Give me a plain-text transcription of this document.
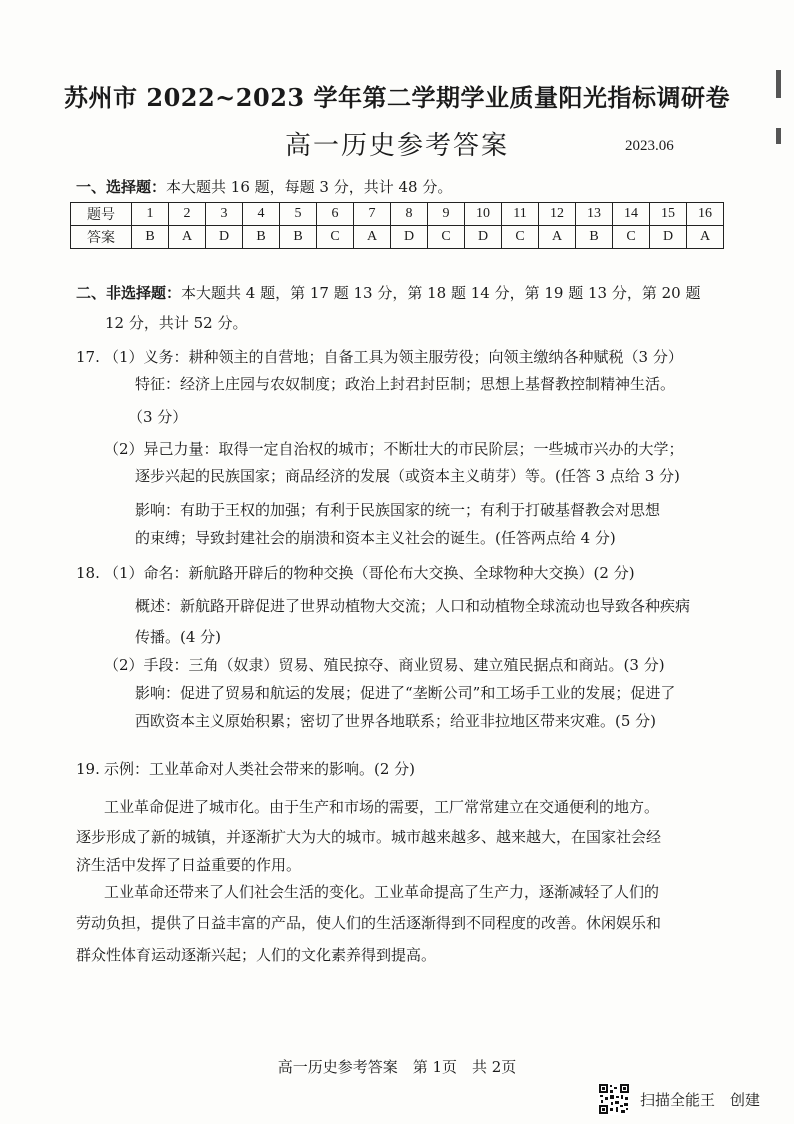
苏州市 2022~2023 学年第二学期学业质量阳光指标调研卷
高一历史参考答案	2023.06
一、选择题：本大题共 16 题，每题 3 分，共计 48 分。
题号	1	2	3	4	5	6	7	8	9	10	11	12	13	14	15	16
答案	B	A	D	B	B	C	A	D	C	D	C	A	B	C	D	A
二、非选择题：本大题共 4 题，第 17 题 13 分，第 18 题 14 分，第 19 题 13 分，第 20 题
12 分，共计 52 分。
17. （1）义务：耕种领主的自营地；自备工具为领主服劳役；向领主缴纳各种赋税（3 分）
特征：经济上庄园与农奴制度；政治上封君封臣制；思想上基督教控制精神生活。
（3 分）
（2）异己力量：取得一定自治权的城市；不断壮大的市民阶层；一些城市兴办的大学；
逐步兴起的民族国家；商品经济的发展（或资本主义萌芽）等。(任答 3 点给 3 分)
影响：有助于王权的加强；有利于民族国家的统一；有利于打破基督教会对思想
的束缚；导致封建社会的崩溃和资本主义社会的诞生。(任答两点给 4 分)
18. （1）命名：新航路开辟后的物种交换（哥伦布大交换、全球物种大交换）(2 分)
概述：新航路开辟促进了世界动植物大交流；人口和动植物全球流动也导致各种疾病
传播。(4 分)
（2）手段：三角（奴隶）贸易、殖民掠夺、商业贸易、建立殖民据点和商站。(3 分)
影响：促进了贸易和航运的发展；促进了“垄断公司”和工场手工业的发展；促进了
西欧资本主义原始积累；密切了世界各地联系；给亚非拉地区带来灾难。(5 分)
19. 示例：工业革命对人类社会带来的影响。(2 分)
工业革命促进了城市化。由于生产和市场的需要，工厂常常建立在交通便利的地方。
逐步形成了新的城镇，并逐渐扩大为大的城市。城市越来越多、越来越大，在国家社会经
济生活中发挥了日益重要的作用。
工业革命还带来了人们社会生活的变化。工业革命提高了生产力，逐渐减轻了人们的
劳动负担，提供了日益丰富的产品，使人们的生活逐渐得到不同程度的改善。休闲娱乐和
群众性体育运动逐渐兴起；人们的文化素养得到提高。
高一历史参考答案　第 1页　共 2页
扫描全能王　创建
